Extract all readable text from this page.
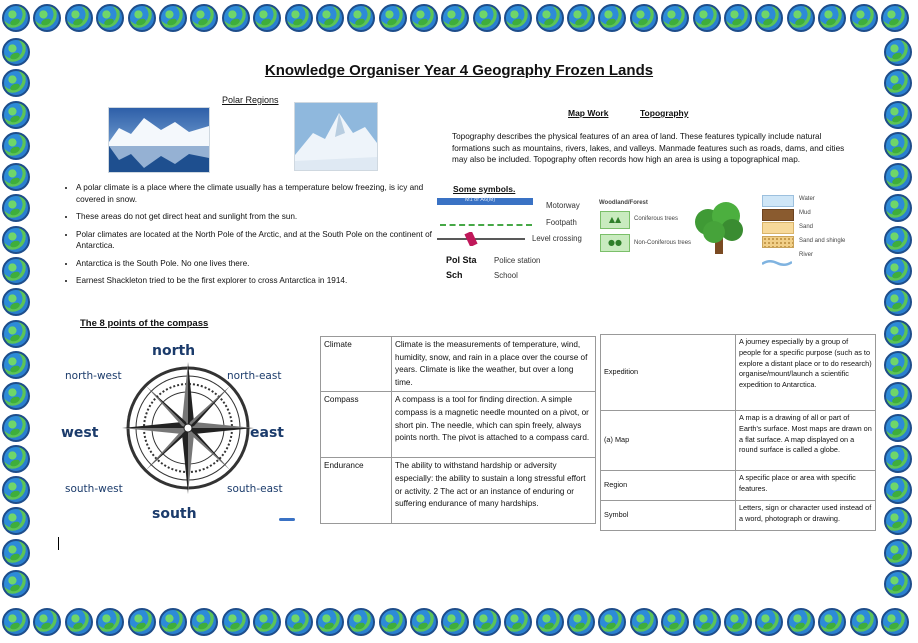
Knowledge Organiser Year 4 Geography Frozen Lands
Polar Regions
• A polar climate is a place where the climate usually has a temperature below freezing, is icy and covered in snow.
• These areas do not get direct heat and sunlight from the sun.
• Polar climates are located at the North Pole of the Arctic, and at the South Pole on the continent of Antarctica.
• Antarctica is the South Pole. No one lives there.
• Earnest Shackleton tried to be the first explorer to cross Antarctica in 1914.
Map Work	Topography
Topography describes the physical features of an area of land. These features typically include natural formations such as mountains, rivers, lakes, and valleys. Manmade features such as roads, dams, and cities may also be included. Topography often records how high an area is using a topographical map.
Some symbols.
M1 or A6(M)
Motorway
Footpath
Level crossing
Pol Sta Police station
Sch	School
Woodland/Forest
▲▲	Coniferous trees
●●	Non-Coniferous trees
Water
Mud
Sand
Sand and shingle
River
The 8 points of the compass
north
south
west	east
north-west	north-east
south-west	south-east
Climate	Climate is the measurements of temperature, wind, humidity, snow, and rain in a place over the course of years. Climate is like the weather, but over a long time.
Compass	A compass is a tool for finding direction. A simple compass is a magnetic needle mounted on a pivot, or short pin. The needle, which can spin freely, always points north. The pivot is attached to a compass card.
Endurance	The ability to withstand hardship or adversity especially: the ability to sustain a long stressful effort or activity. 2 The act or an instance of enduring or suffering endurance of many hardships.
Expedition	A journey especially by a group of people for a specific purpose (such as to explore a distant place or to do research) organise/mount/launch a scientific expedition to Antarctica.
(a) Map	A map is a drawing of all or part of Earth's surface. Most maps are drawn on a flat surface. A map displayed on a round surface is called a globe.
Region	A specific place or area with specific features.
Symbol	Letters, sign or character used instead of a word, photograph or drawing.
